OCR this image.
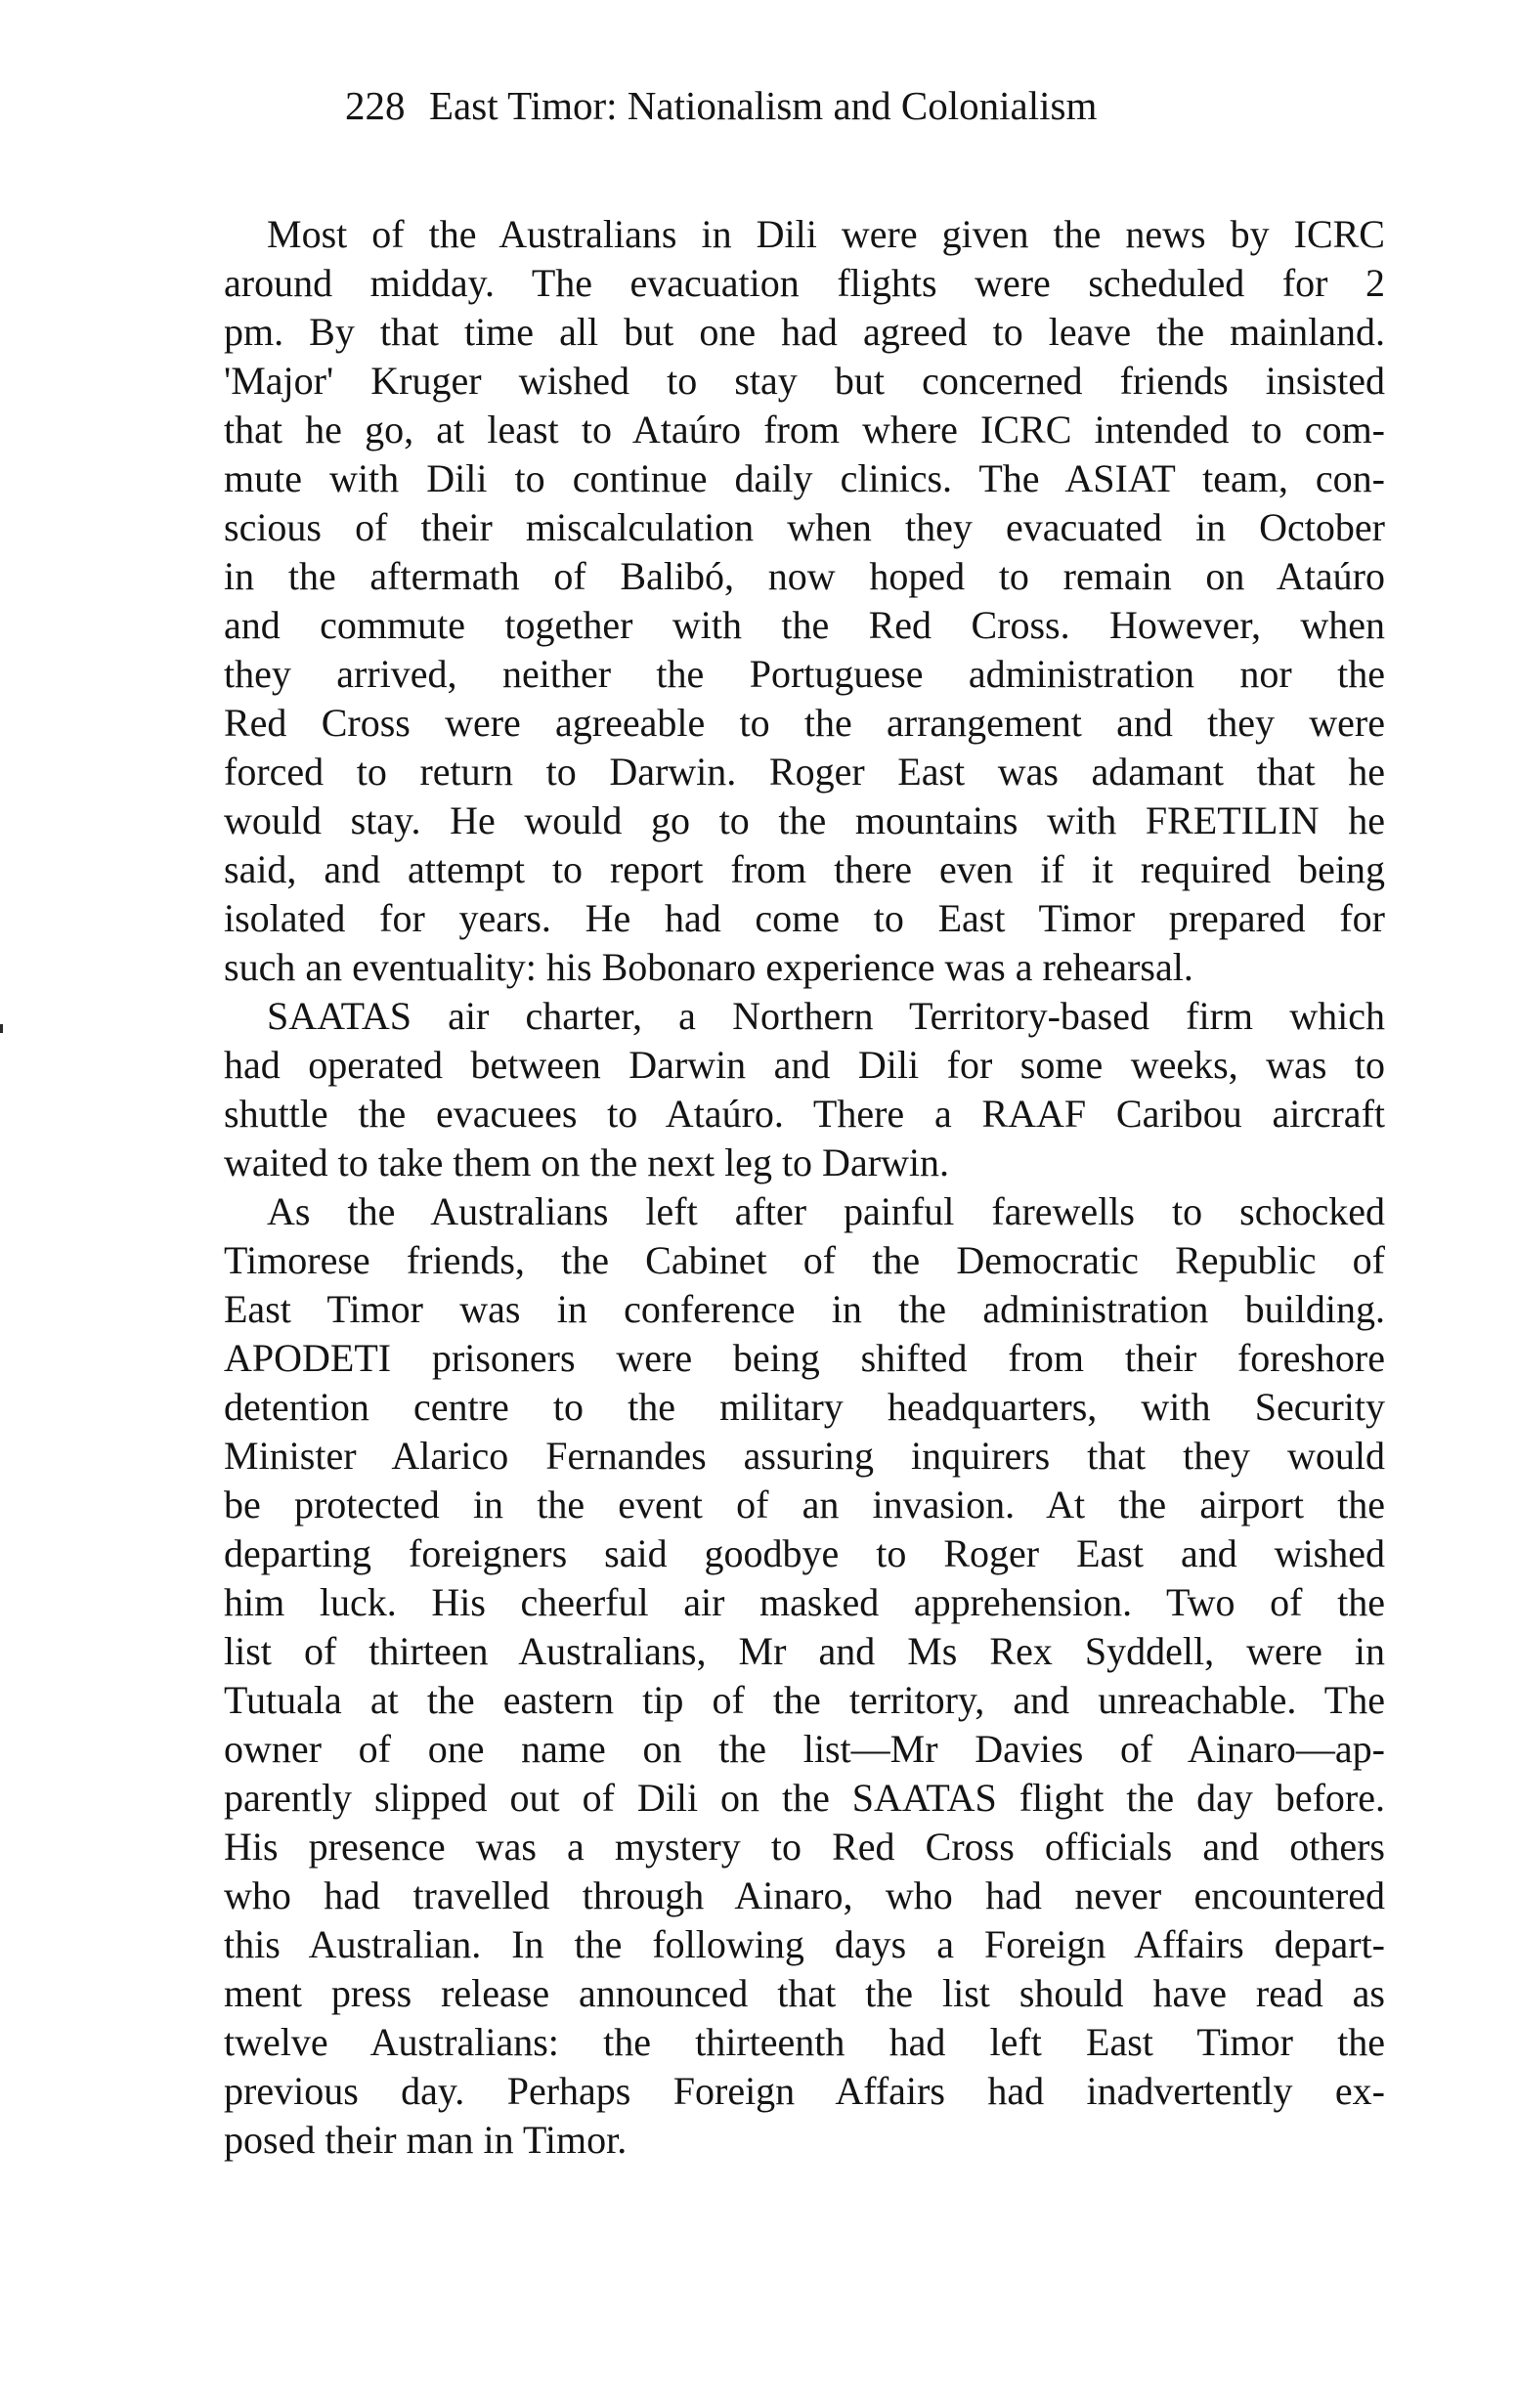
228 East Timor: Nationalism and Colonialism
Most of the Australians in Dili were given the news by ICRC
around midday. The evacuation flights were scheduled for 2
pm. By that time all but one had agreed to leave the mainland.
'Major' Kruger wished to stay but concerned friends insisted
that he go, at least to Ataúro from where ICRC intended to com-
mute with Dili to continue daily clinics. The ASIAT team, con-
scious of their miscalculation when they evacuated in October
in the aftermath of Balibó, now hoped to remain on Ataúro
and commute together with the Red Cross. However, when
they arrived, neither the Portuguese administration nor the
Red Cross were agreeable to the arrangement and they were
forced to return to Darwin. Roger East was adamant that he
would stay. He would go to the mountains with FRETILIN he
said, and attempt to report from there even if it required being
isolated for years. He had come to East Timor prepared for
such an eventuality: his Bobonaro experience was a rehearsal.
SAATAS air charter, a Northern Territory-based firm which
had operated between Darwin and Dili for some weeks, was to
shuttle the evacuees to Ataúro. There a RAAF Caribou aircraft
waited to take them on the next leg to Darwin.
As the Australians left after painful farewells to schocked
Timorese friends, the Cabinet of the Democratic Republic of
East Timor was in conference in the administration building.
APODETI prisoners were being shifted from their foreshore
detention centre to the military headquarters, with Security
Minister Alarico Fernandes assuring inquirers that they would
be protected in the event of an invasion. At the airport the
departing foreigners said goodbye to Roger East and wished
him luck. His cheerful air masked apprehension. Two of the
list of thirteen Australians, Mr and Ms Rex Syddell, were in
Tutuala at the eastern tip of the territory, and unreachable. The
owner of one name on the list—Mr Davies of Ainaro—ap-
parently slipped out of Dili on the SAATAS flight the day before.
His presence was a mystery to Red Cross officials and others
who had travelled through Ainaro, who had never encountered
this Australian. In the following days a Foreign Affairs depart-
ment press release announced that the list should have read as
twelve Australians: the thirteenth had left East Timor the
previous day. Perhaps Foreign Affairs had inadvertently ex-
posed their man in Timor.
